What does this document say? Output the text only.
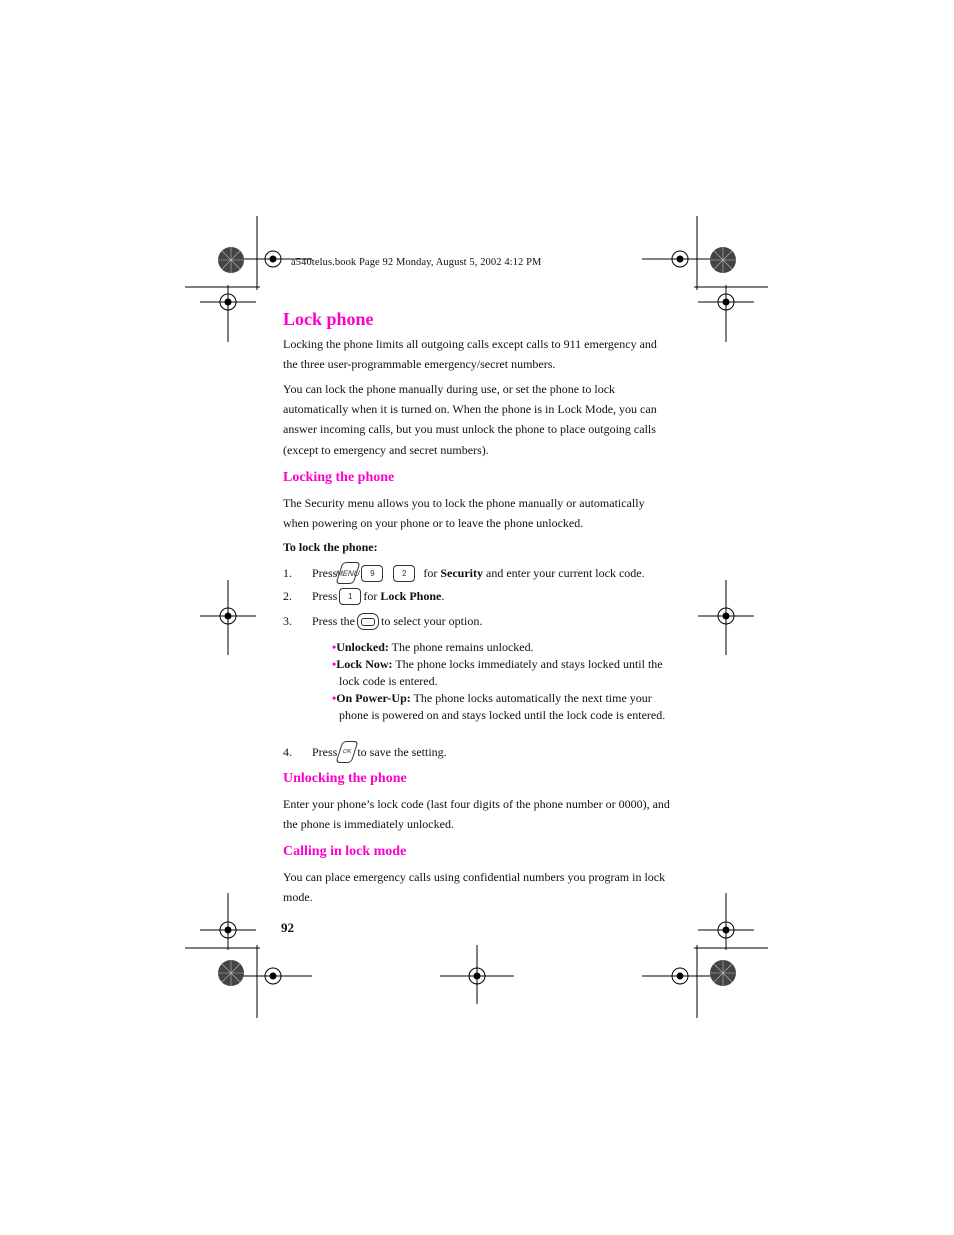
a540telus.book Page 92 Monday, August 5, 2002 4:12 PM
Lock phone
Locking the phone limits all outgoing calls except calls to 911 emergency and the three user-programmable emergency/secret numbers.
You can lock the phone manually during use, or set the phone to lock automatically when it is turned on. When the phone is in Lock Mode, you can answer incoming calls, but you must unlock the phone to place outgoing calls (except to emergency and secret numbers).
Locking the phone
The Security menu allows you to lock the phone manually or automatically when powering on your phone or to leave the phone unlocked.
To lock the phone:
1.	Press
MENU	9	2
	for
Security
and enter your current lock code.
2.	Press	1 for
Lock Phone .
3.	Press the to select your option.
•Unlocked: The phone remains unlocked.
•Lock Now: The phone locks immediately and stays locked until the lock code is entered.
•On Power-Up: The phone locks automatically the next time your phone is powered on and stays locked until the lock code is entered.
4.	Press OK to save the setting.
Unlocking the phone
Enter your phone’s lock code (last four digits of the phone number or 0000), and the phone is immediately unlocked.
Calling in lock mode
You can place emergency calls using confidential numbers you program in lock mode.
92
